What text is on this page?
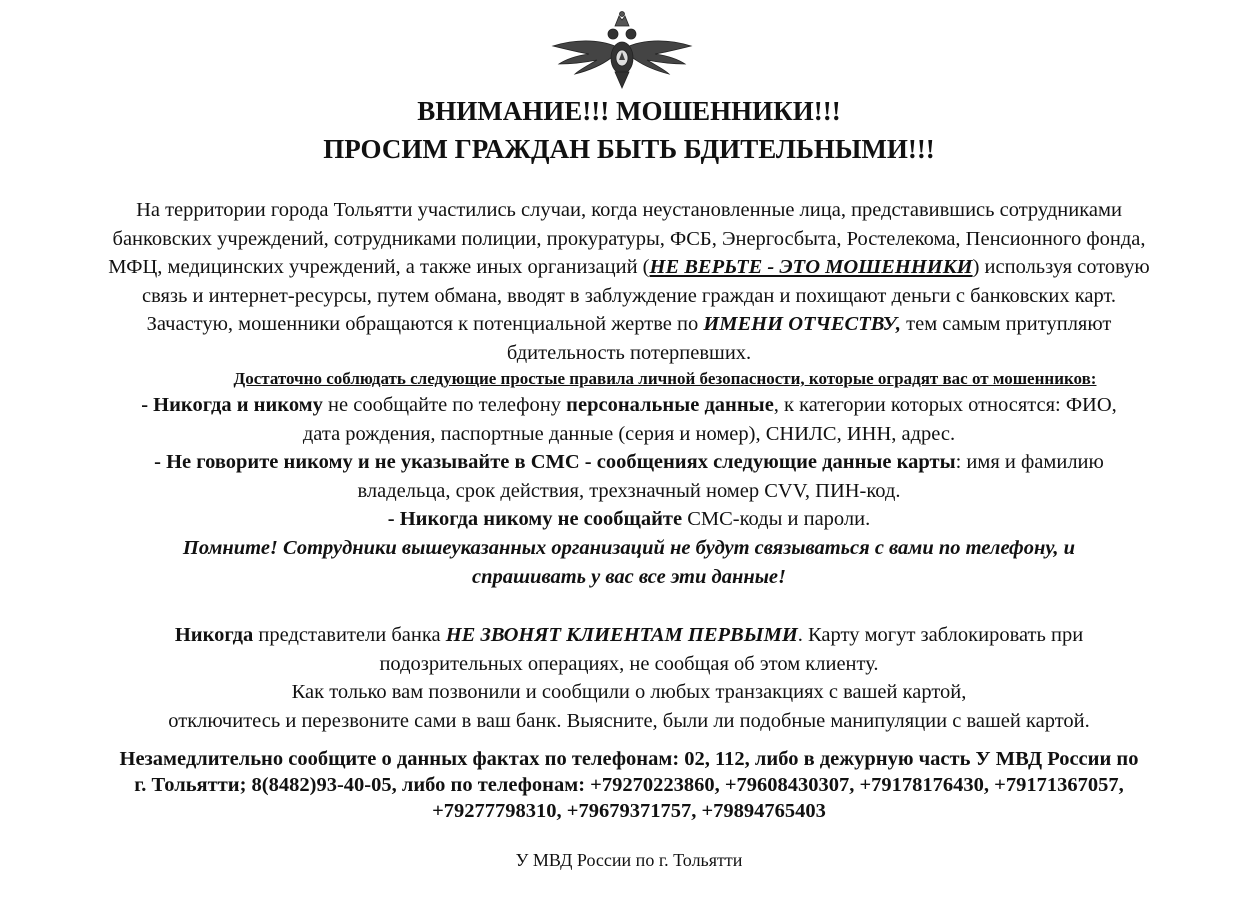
ВНИМАНИЕ!!! МОШЕННИКИ!!!
ПРОСИМ ГРАЖДАН БЫТЬ БДИТЕЛЬНЫМИ!!!

На территории города Тольятти участились случаи, когда неустановленные лица, представившись сотрудниками

банковских учреждений, сотрудниками полиции, прокуратуры, ФСБ, Энергосбыта, Ростелекома, Пенсионного фонда,

МФЦ, медицинских учреждений, а также иных организаций (НЕ ВЕРЬТЕ - ЭТО МОШЕННИКИ) используя сотовую

связь и интернет-ресурсы, путем обмана, вводят в заблуждение граждан и похищают деньги с банковских карт.

Зачастую, мошенники обращаются к потенциальной жертве по ИМЕНИ ОТЧЕСТВУ, тем самым притупляют

бдительность потерпевших.

Достаточно соблюдать следующие простые правила личной безопасности, которые оградят вас от мошенников:

- Никогда и никому не сообщайте по телефону персональные данные, к категории которых относятся: ФИО,

дата рождения, паспортные данные (серия и номер), СНИЛС, ИНН, адрес.

- Не говорите никому и не указывайте в СМС - сообщениях следующие данные карты: имя и фамилию

владельца, срок действия, трехзначный номер CVV, ПИН-код.

- Никогда никому не сообщайте СМС-коды и пароли.

Помните! Сотрудники вышеуказанных организаций не будут связываться с вами по телефону, и

спрашивать у вас все эти данные!

Никогда представители банка НЕ ЗВОНЯТ КЛИЕНТАМ ПЕРВЫМИ. Карту могут заблокировать при

подозрительных операциях, не сообщая об этом клиенту.

Как только вам позвонили и сообщили о любых транзакциях с вашей картой,

отключитесь и перезвоните сами в ваш банк. Выясните, были ли подобные манипуляции с вашей картой.

Незамедлительно сообщите о данных фактах по телефонам: 02, 112, либо в дежурную часть У МВД России по

г. Тольятти; 8(8482)93-40-05, либо по телефонам: +79270223860, +79608430307, +79178176430, +79171367057,

+79277798310, +79679371757, +79894765403

У МВД России по г. Тольятти
